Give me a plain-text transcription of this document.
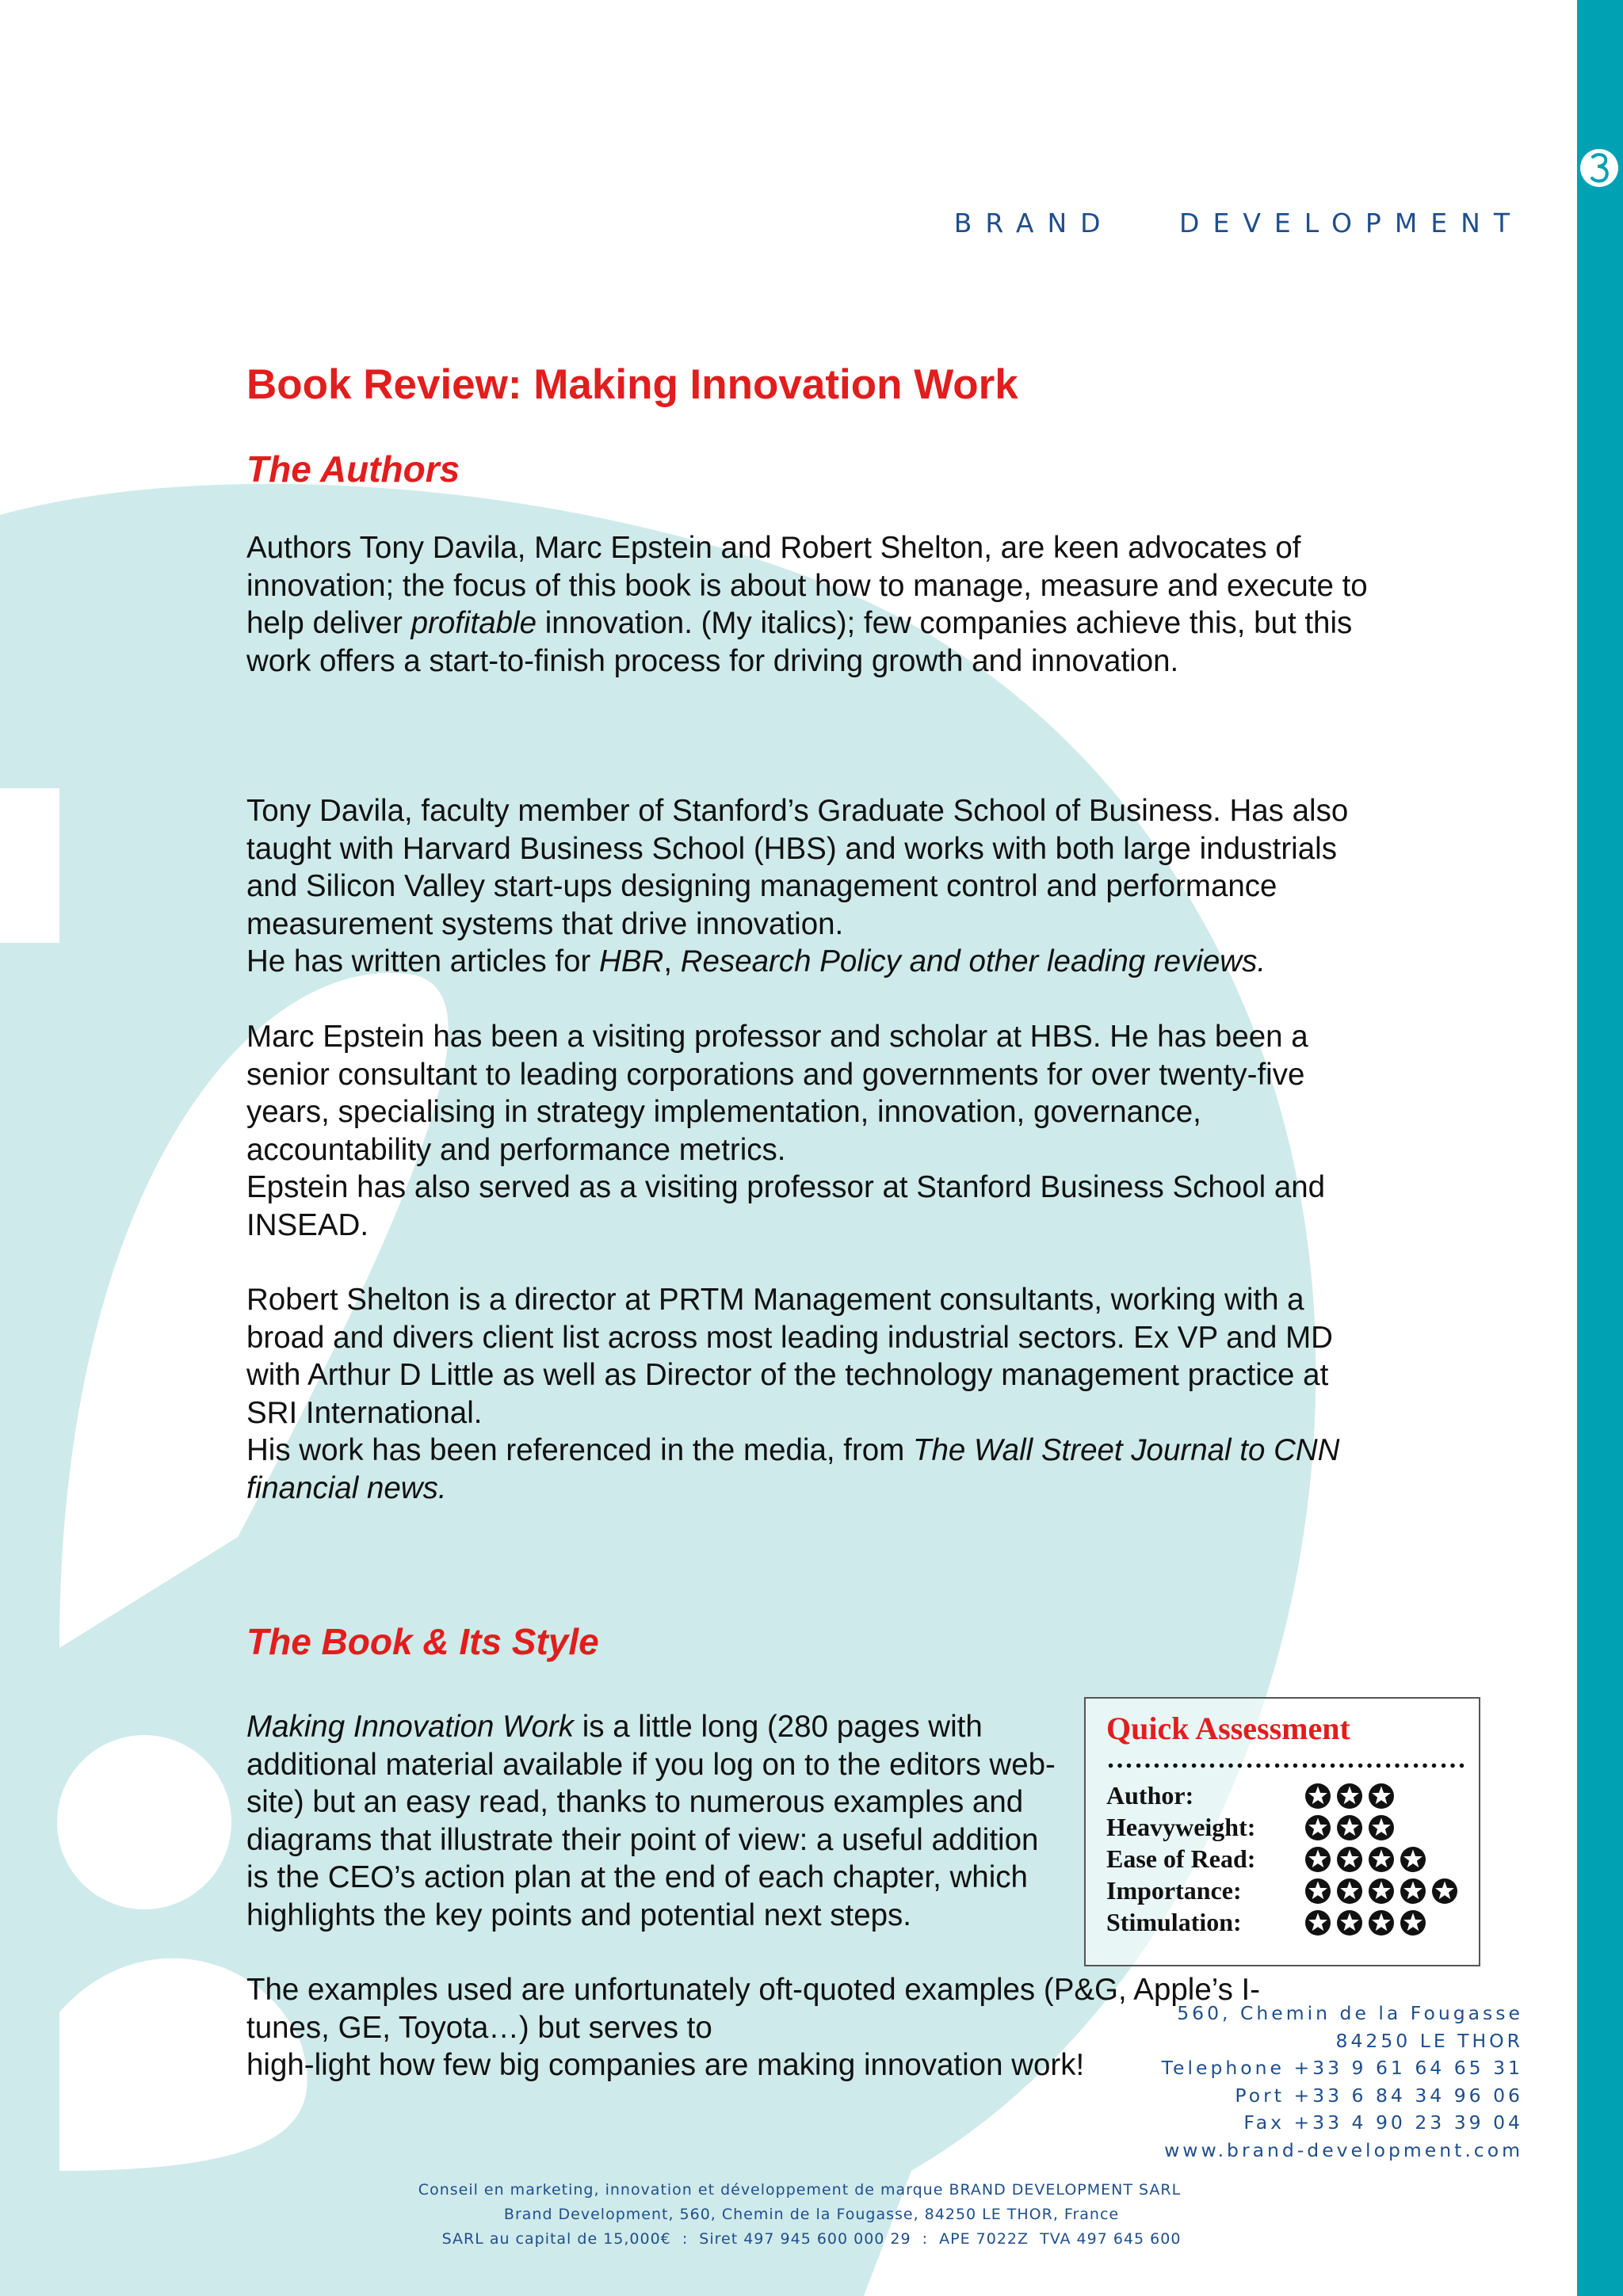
BRAND   DEVELOPMENT

Book Review: Making Innovation Work
The Authors

Authors Tony Davila, Marc Epstein and Robert Shelton, are keen advocates of innovation; the focus of this book is about how to manage, measure and execute to help deliver profitable innovation. (My italics); few companies achieve this, but this work offers a start-to-finish process for driving growth and innovation.

Tony Davila, faculty member of Stanford’s Graduate School of Business. Has also taught with Harvard Business School (HBS) and works with both large industrials and Silicon Valley start-ups designing management control and performance measurement systems that drive innovation.
He has written articles for HBR, Research Policy and other leading reviews.

Marc Epstein has been a visiting professor and scholar at HBS. He has been a senior consultant to leading corporations and governments for over twenty-five years, specialising in strategy implementation, innovation, governance, accountability and performance metrics.
Epstein has also served as a visiting professor at Stanford Business School and INSEAD.

Robert Shelton is a director at PRTM Management consultants, working with a broad and divers client list across most leading industrial sectors. Ex VP and MD with Arthur D Little as well as Director of the technology management practice at SRI International.
His work has been referenced in the media, from The Wall Street Journal to CNN financial news.

The Book & Its Style

Making Innovation Work is a little long (280 pages with additional material available if you log on to the editors web-site) but an easy read, thanks to numerous examples and diagrams that illustrate their point of view: a useful addition is the CEO’s action plan at the end of each chapter, which highlights the key points and potential next steps.

The examples used are unfortunately oft-quoted examples (P&G, Apple’s I-tunes, GE, Toyota…) but serves to
high-light how few big companies are making innovation work!

Quick Assessment

…………………………………

Author:
Heavyweight:
Ease of Read:
Importance:
Stimulation:
560, Chemin de la Fougasse
84250 LE THOR
Telephone +33 9 61 64 65 31
Port +33 6 84 34 96 06
Fax +33 4 90 23 39 04
www.brand-development.com
Conseil en marketing, innovation et développement de marque BRAND DEVELOPMENT SARL
Brand Development, 560, Chemin de la Fougasse, 84250 LE THOR, France
SARL au capital de 15,000€  :  Siret 497 945 600 000 29  :  APE 7022Z  TVA 497 645 600
